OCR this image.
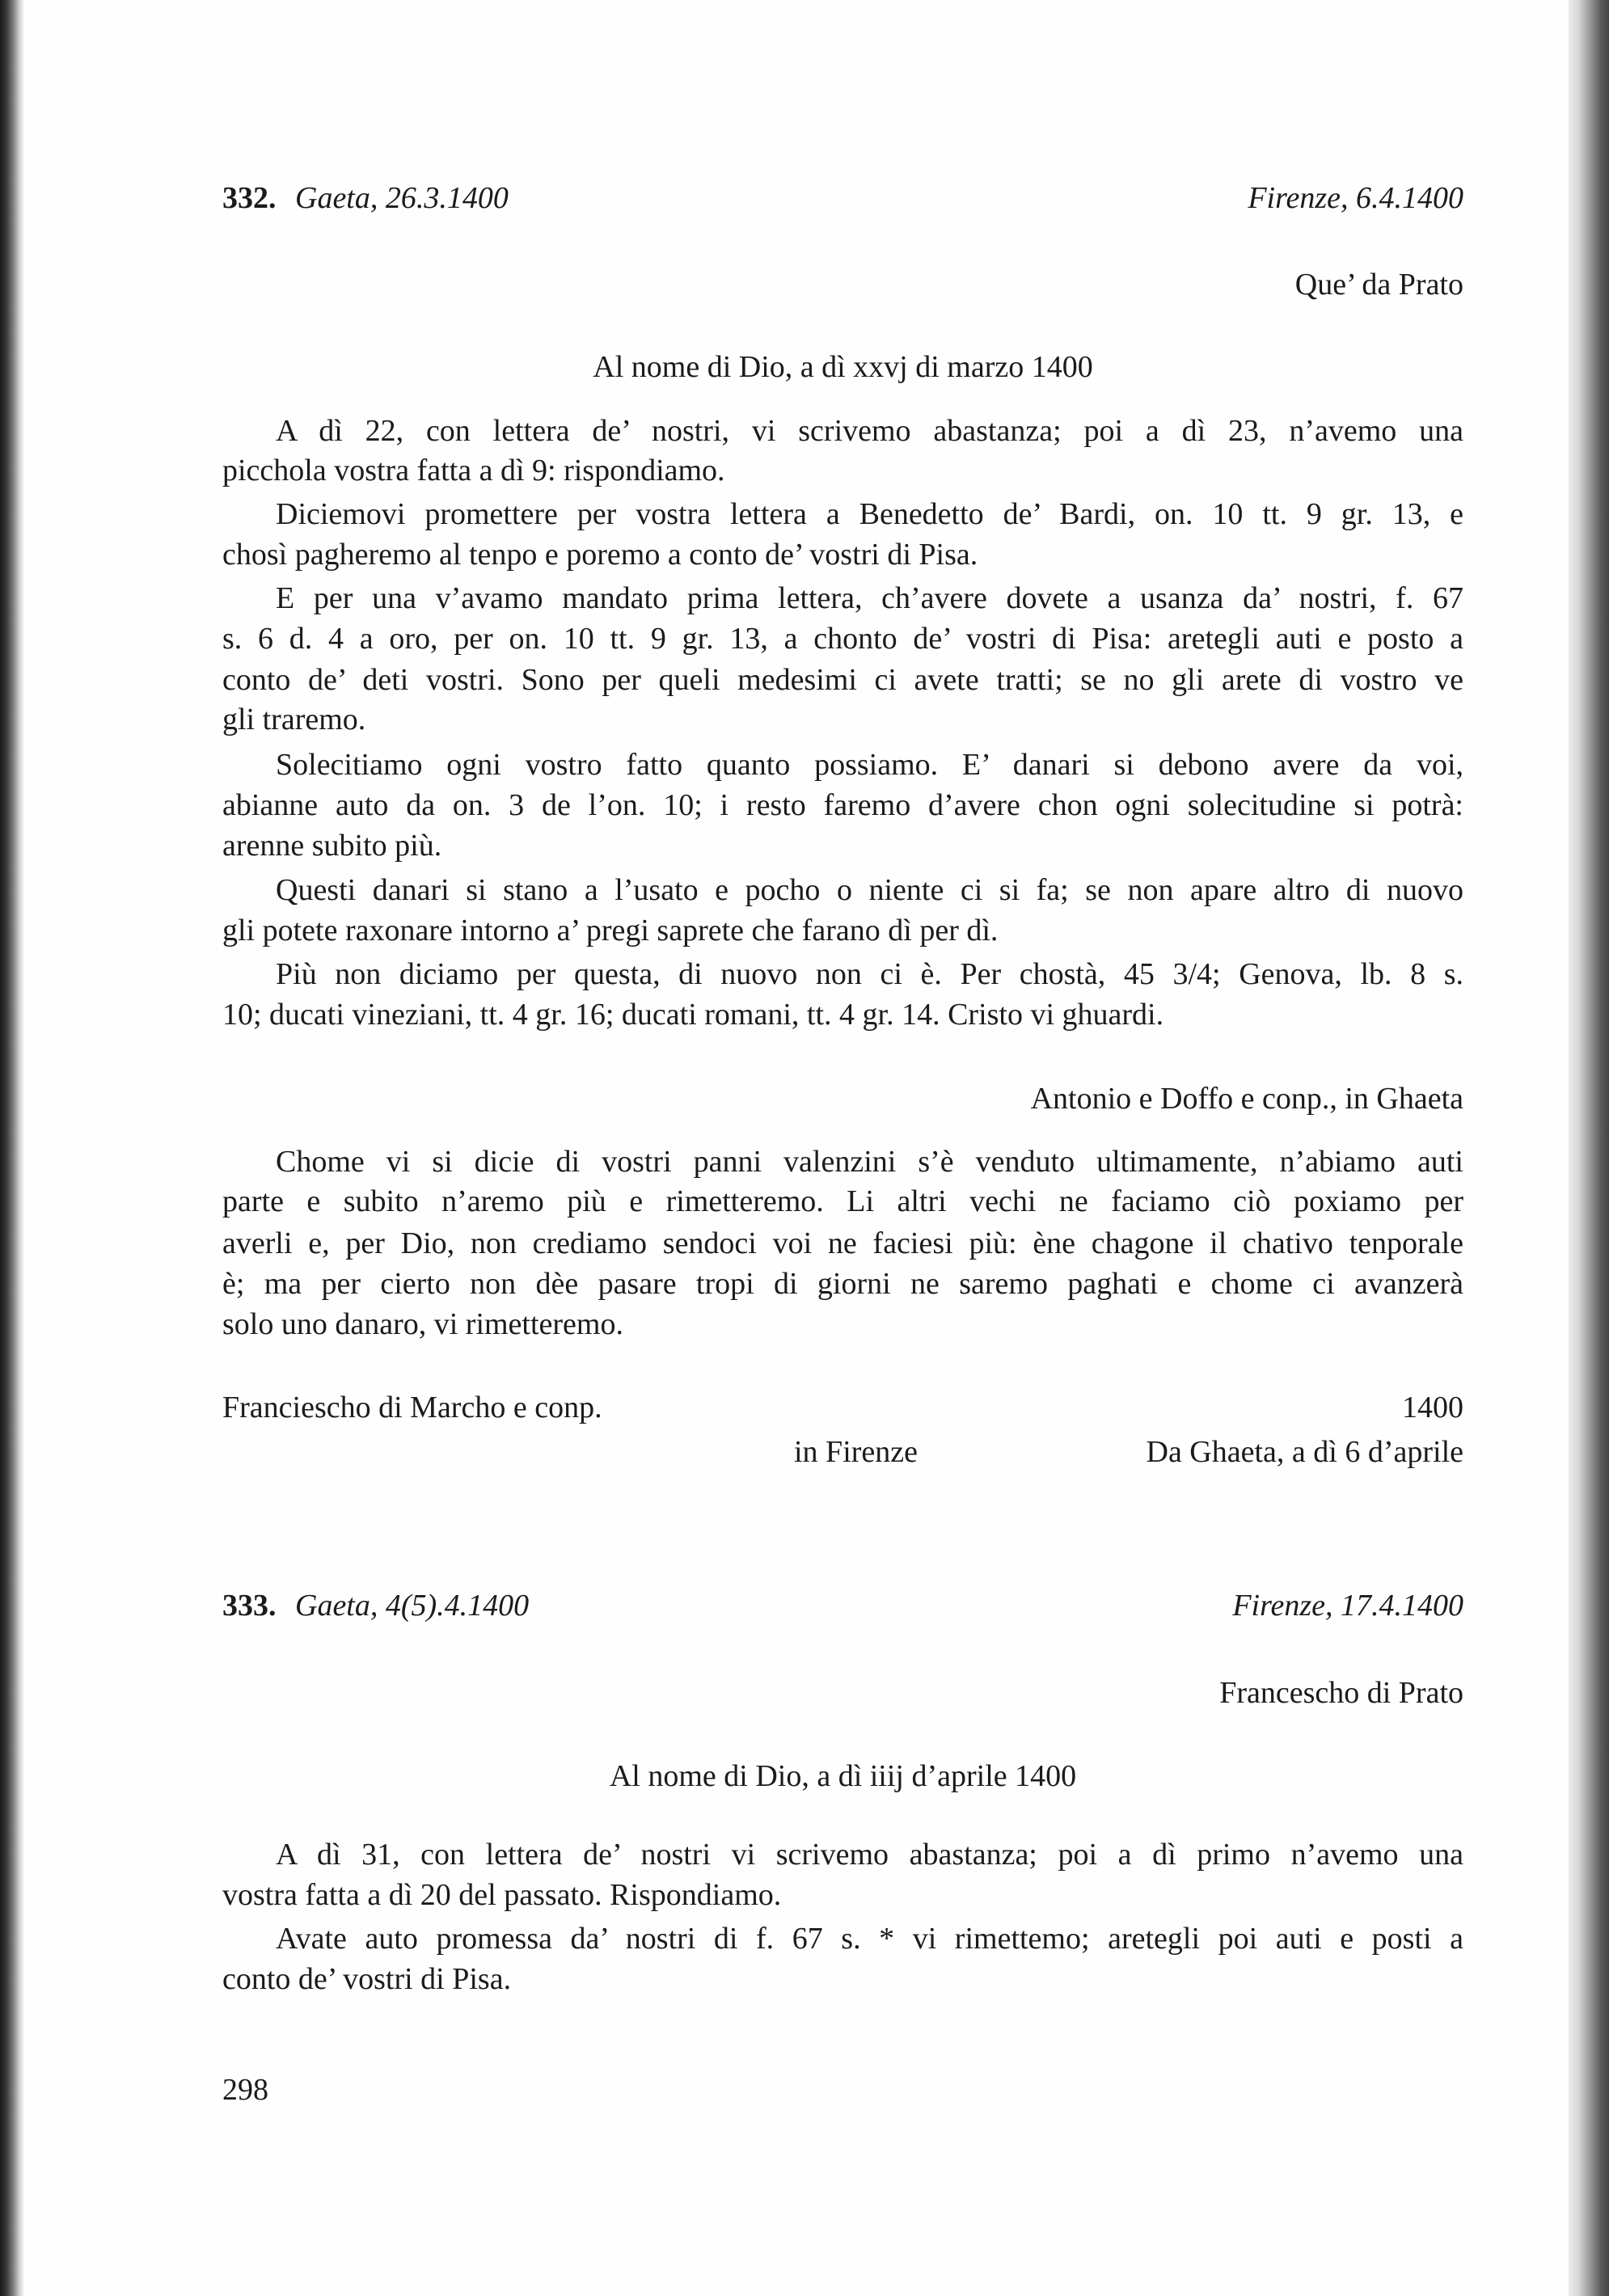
332. Gaeta, 26.3.1400	Firenze, 6.4.1400
Que’ da Prato
Al nome di Dio, a dì xxvj di marzo 1400
A dì 22, con lettera de’ nostri, vi scrivemo abastanza; poi a dì 23, n’avemo una
picchola vostra fatta a dì 9: rispondiamo.
Diciemovi promettere per vostra lettera a Benedetto de’ Bardi, on. 10 tt. 9 gr. 13, e
chosì pagheremo al tenpo e poremo a conto de’ vostri di Pisa.
E per una v’avamo mandato prima lettera, ch’avere dovete a usanza da’ nostri, f. 67
s. 6 d. 4 a oro, per on. 10 tt. 9 gr. 13, a chonto de’ vostri di Pisa: aretegli auti e posto a
conto de’ deti vostri. Sono per queli medesimi ci avete tratti; se no gli arete di vostro ve
gli traremo.
Solecitiamo ogni vostro fatto quanto possiamo. E’ danari si debono avere da voi,
abianne auto da on. 3 de l’on. 10; i resto faremo d’avere chon ogni solecitudine si potrà:
arenne subito più.
Questi danari si stano a l’usato e pocho o niente ci si fa; se non apare altro di nuovo
gli potete raxonare intorno a’ pregi saprete che farano dì per dì.
Più non diciamo per questa, di nuovo non ci è. Per chostà, 45 3/4; Genova, lb. 8 s.
10; ducati vineziani, tt. 4 gr. 16; ducati romani, tt. 4 gr. 14. Cristo vi ghuardi.
Antonio e Doffo e conp., in Ghaeta
Chome vi si dicie di vostri panni valenzini s’è venduto ultimamente, n’abiamo auti
parte e subito n’aremo più e rimetteremo. Li altri vechi ne faciamo ciò poxiamo per
averli e, per Dio, non crediamo sendoci voi ne faciesi più: ène chagone il chativo tenporale
è; ma per cierto non dèe pasare tropi di giorni ne saremo paghati e chome ci avanzerà
solo uno danaro, vi rimetteremo.
Franciescho di Marcho e conp.	1400
in Firenze	Da Ghaeta, a dì 6 d’aprile
333. Gaeta, 4(5).4.1400	Firenze, 17.4.1400
Francescho di Prato
Al nome di Dio, a dì iiij d’aprile 1400
A dì 31, con lettera de’ nostri vi scrivemo abastanza; poi a dì primo n’avemo una
vostra fatta a dì 20 del passato. Rispondiamo.
Avate auto promessa da’ nostri di f. 67 s. * vi rimettemo; aretegli poi auti e posti a
conto de’ vostri di Pisa.
298
